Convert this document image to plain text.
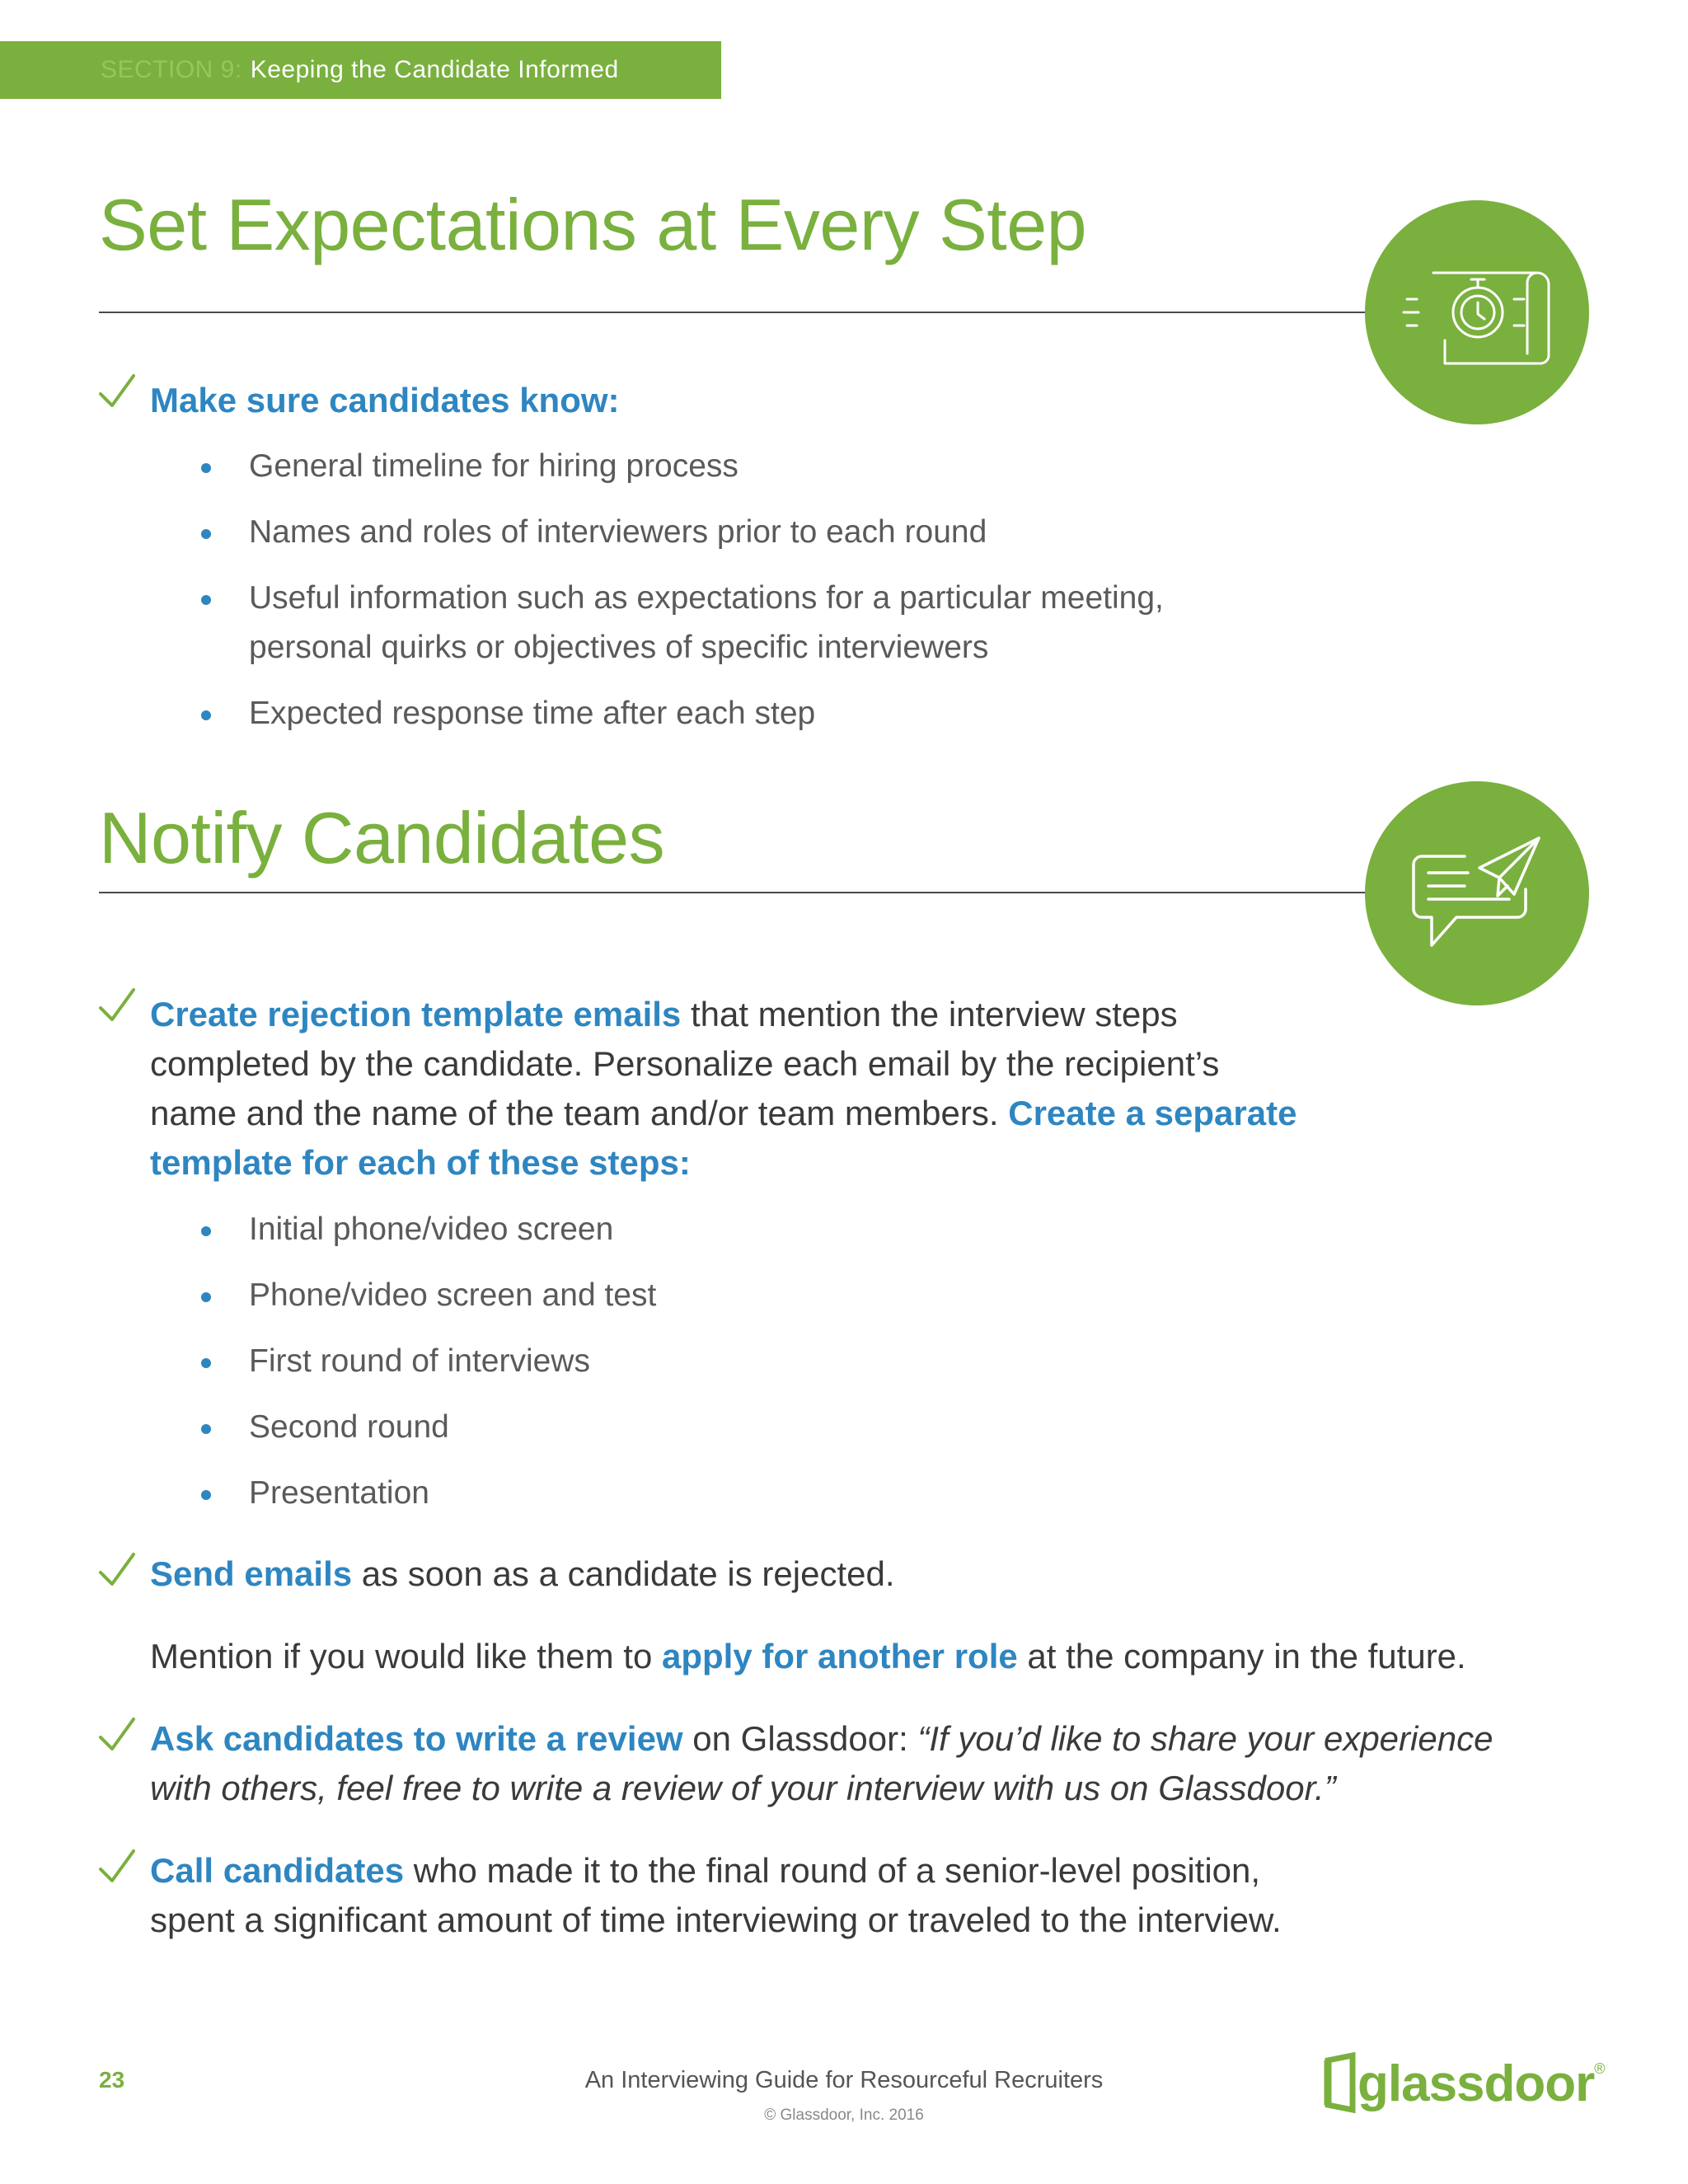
SECTION 9: Keeping the Candidate Informed
Set Expectations at Every Step
Make sure candidates know:
General timeline for hiring process
Names and roles of interviewers prior to each round
Useful information such as expectations for a particular meeting,
personal quirks or objectives of specific interviewers
Expected response time after each step
Notify Candidates
Create rejection template emails that mention the interview steps
completed by the candidate. Personalize each email by the recipient’s
name and the name of the team and/or team members. Create a separate
template for each of these steps:
Initial phone/video screen
Phone/video screen and test
First round of interviews
Second round
Presentation
Send emails as soon as a candidate is rejected.
Mention if you would like them to apply for another role at the company in the future.
Ask candidates to write a review on Glassdoor: “If you’d like to share your experience
with others, feel free to write a review of your interview with us on Glassdoor.”
Call candidates who made it to the final round of a senior-level position,
spent a significant amount of time interviewing or traveled to the interview.
23	An Interviewing Guide for Resourceful Recruiters
© Glassdoor, Inc. 2016
glassdoor ®
